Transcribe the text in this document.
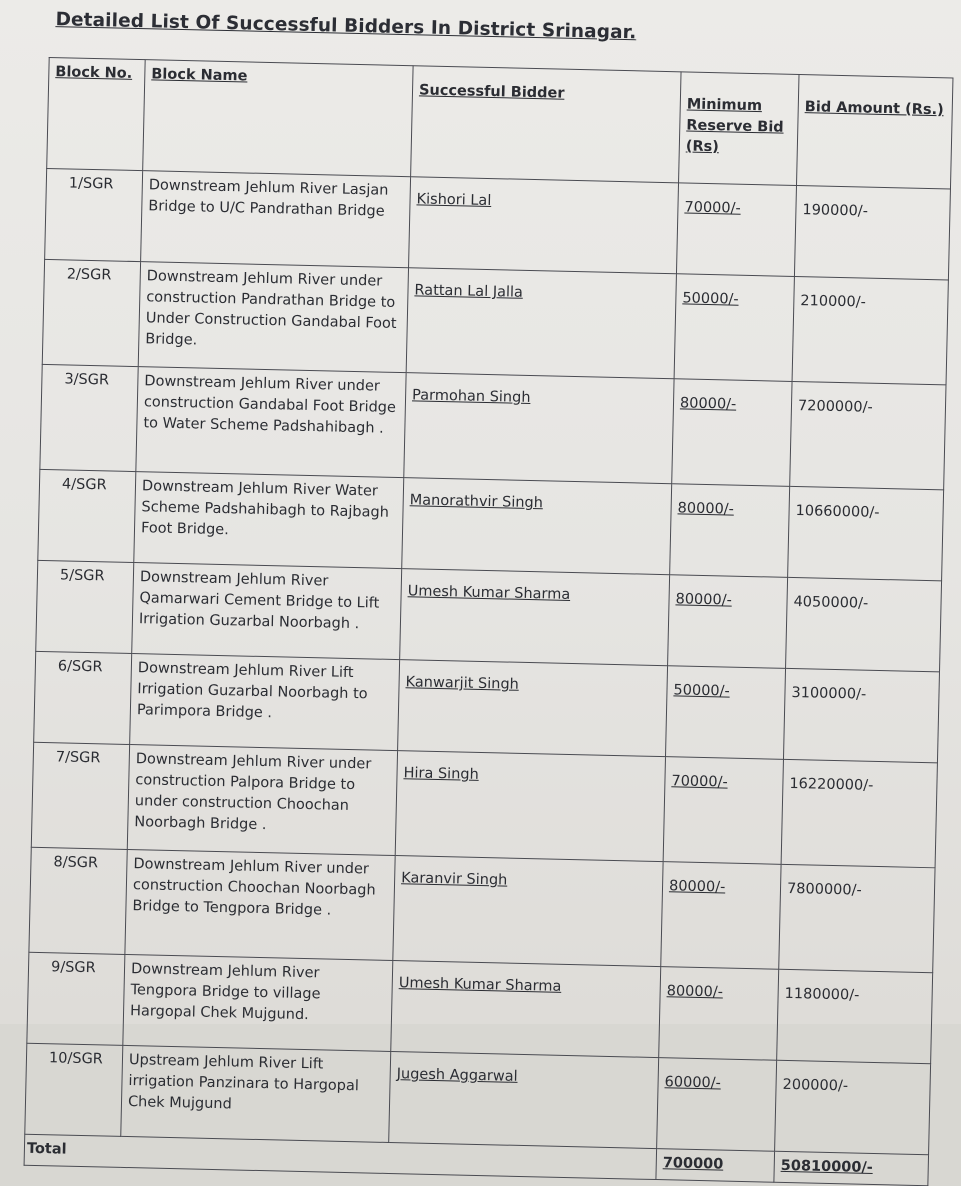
Detailed List Of Successful Bidders In District Srinagar.
Block No.	Block Name	Successful Bidder	Minimum Reserve Bid (Rs)	Bid Amount (Rs.)
1/SGR	Downstream Jehlum River Lasjan Bridge to U/C Pandrathan Bridge	Kishori Lal	70000/-	190000/-
2/SGR	Downstream Jehlum River under construction Pandrathan Bridge to Under Construction Gandabal Foot Bridge.	Rattan Lal Jalla	50000/-	210000/-
3/SGR	Downstream Jehlum River under construction Gandabal Foot Bridge to Water Scheme Padshahibagh .	Parmohan Singh	80000/-	7200000/-
4/SGR	Downstream Jehlum River Water Scheme Padshahibagh to Rajbagh Foot Bridge.	Manorathvir Singh	80000/-	10660000/-
5/SGR	Downstream Jehlum River Qamarwari Cement Bridge to Lift Irrigation Guzarbal Noorbagh .	Umesh Kumar Sharma	80000/-	4050000/-
6/SGR	Downstream Jehlum River Lift Irrigation Guzarbal Noorbagh to Parimpora Bridge .	Kanwarjit Singh	50000/-	3100000/-
7/SGR	Downstream Jehlum River under construction Palpora Bridge to under construction Choochan Noorbagh Bridge .	Hira Singh	70000/-	16220000/-
8/SGR	Downstream Jehlum River under construction Choochan Noorbagh Bridge to Tengpora Bridge .	Karanvir Singh	80000/-	7800000/-
9/SGR	Downstream Jehlum River Tengpora Bridge to village Hargopal Chek Mujgund.	Umesh Kumar Sharma	80000/-	1180000/-
10/SGR	Upstream Jehlum River Lift irrigation Panzinara to Hargopal Chek Mujgund	Jugesh Aggarwal	60000/-	200000/-
Total			700000	50810000/-
